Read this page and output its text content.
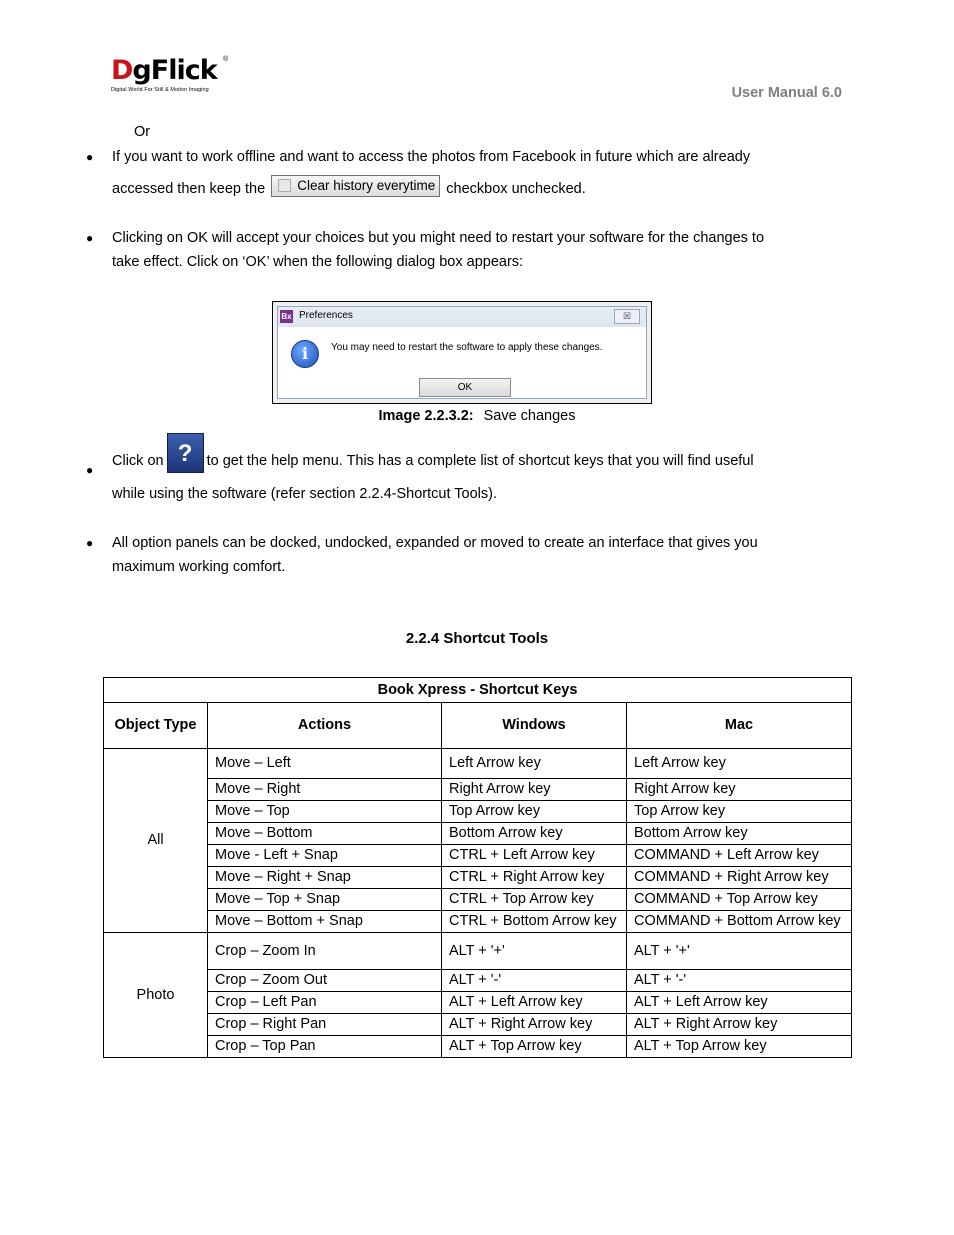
DgFlick ®
Digital World For Still & Motion Imaging	User Manual 6.0
Or
● If you want to work offline and want to access the photos from Facebook in future which are already
accessed then keep the Clear history everytime checkbox unchecked.
● Clicking on OK will accept your choices but you might need to restart your software for the changes to
take effect. Click on ‘OK’ when the following dialog box appears:
Bx Preferences	☒
i	You may need to restart the software to apply these changes.
OK
Image 2.2.3.2: Save changes
●
Click on ? to get the help menu. This has a complete list of shortcut keys that you will find useful
while using the software (refer section 2.2.4-Shortcut Tools).
● All option panels can be docked, undocked, expanded or moved to create an interface that gives you
maximum working comfort.
2.2.4 Shortcut Tools
Book Xpress - Shortcut Keys			
Object Type	Actions	Windows	Mac
All	Move – Left	Left Arrow key	Left Arrow key
	Move – Right	Right Arrow key	Right Arrow key
	Move – Top	Top Arrow key	Top Arrow key
	Move – Bottom	Bottom Arrow key	Bottom Arrow key
	Move - Left + Snap	CTRL + Left Arrow key	COMMAND + Left Arrow key
	Move – Right + Snap	CTRL + Right Arrow key	COMMAND + Right Arrow key
	Move – Top + Snap	CTRL + Top Arrow key	COMMAND + Top Arrow key
	Move – Bottom + Snap	CTRL + Bottom Arrow key	COMMAND + Bottom Arrow key
Photo	Crop – Zoom In	ALT + '+'	ALT + '+'
	Crop – Zoom Out	ALT + '-'	ALT + '-'
	Crop – Left Pan	ALT + Left Arrow key	ALT + Left Arrow key
	Crop – Right Pan	ALT + Right Arrow key	ALT + Right Arrow key
	Crop – Top Pan	ALT + Top Arrow key	ALT + Top Arrow key
